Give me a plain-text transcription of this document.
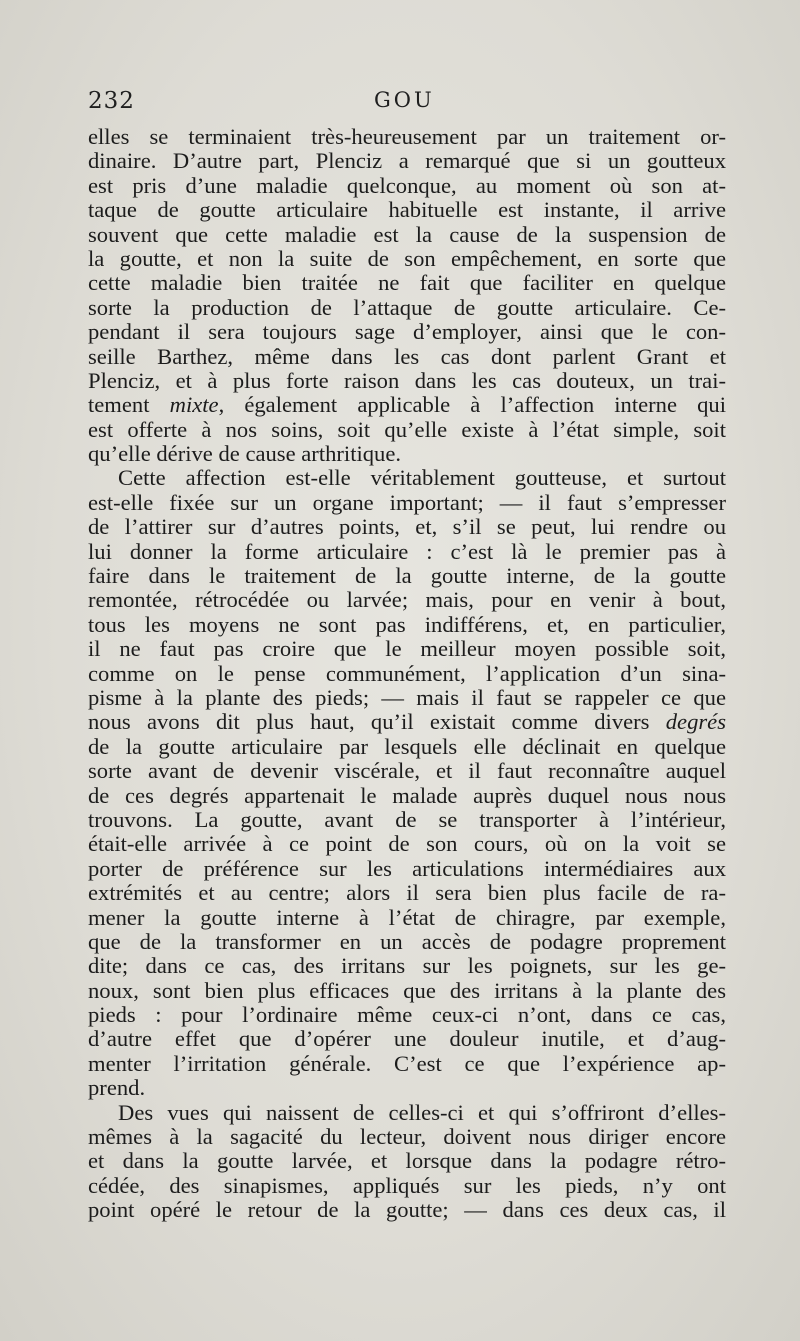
232	GOU
elles se terminaient très-heureusement par un traitement or-
dinaire. D’autre part, Plenciz a remarqué que si un goutteux
est pris d’une maladie quelconque, au moment où son at-
taque de goutte articulaire habituelle est instante, il arrive
souvent que cette maladie est la cause de la suspension de
la goutte, et non la suite de son empêchement, en sorte que
cette maladie bien traitée ne fait que faciliter en quelque
sorte la production de l’attaque de goutte articulaire. Ce-
pendant il sera toujours sage d’employer, ainsi que le con-
seille Barthez, même dans les cas dont parlent Grant et
Plenciz, et à plus forte raison dans les cas douteux, un trai-
tement mixte, également applicable à l’affection interne qui
est offerte à nos soins, soit qu’elle existe à l’état simple, soit
qu’elle dérive de cause arthritique.
Cette affection est-elle véritablement goutteuse, et surtout
est-elle fixée sur un organe important; — il faut s’empresser
de l’attirer sur d’autres points, et, s’il se peut, lui rendre ou
lui donner la forme articulaire : c’est là le premier pas à
faire dans le traitement de la goutte interne, de la goutte
remontée, rétrocédée ou larvée; mais, pour en venir à bout,
tous les moyens ne sont pas indifférens, et, en particulier,
il ne faut pas croire que le meilleur moyen possible soit,
comme on le pense communément, l’application d’un sina-
pisme à la plante des pieds; — mais il faut se rappeler ce que
nous avons dit plus haut, qu’il existait comme divers degrés
de la goutte articulaire par lesquels elle déclinait en quelque
sorte avant de devenir viscérale, et il faut reconnaître auquel
de ces degrés appartenait le malade auprès duquel nous nous
trouvons. La goutte, avant de se transporter à l’intérieur,
était-elle arrivée à ce point de son cours, où on la voit se
porter de préférence sur les articulations intermédiaires aux
extrémités et au centre; alors il sera bien plus facile de ra-
mener la goutte interne à l’état de chiragre, par exemple,
que de la transformer en un accès de podagre proprement
dite; dans ce cas, des irritans sur les poignets, sur les ge-
noux, sont bien plus efficaces que des irritans à la plante des
pieds : pour l’ordinaire même ceux-ci n’ont, dans ce cas,
d’autre effet que d’opérer une douleur inutile, et d’aug-
menter l’irritation générale. C’est ce que l’expérience ap-
prend.
Des vues qui naissent de celles-ci et qui s’offriront d’elles-
mêmes à la sagacité du lecteur, doivent nous diriger encore
et dans la goutte larvée, et lorsque dans la podagre rétro-
cédée, des sinapismes, appliqués sur les pieds, n’y ont
point opéré le retour de la goutte; — dans ces deux cas, il
